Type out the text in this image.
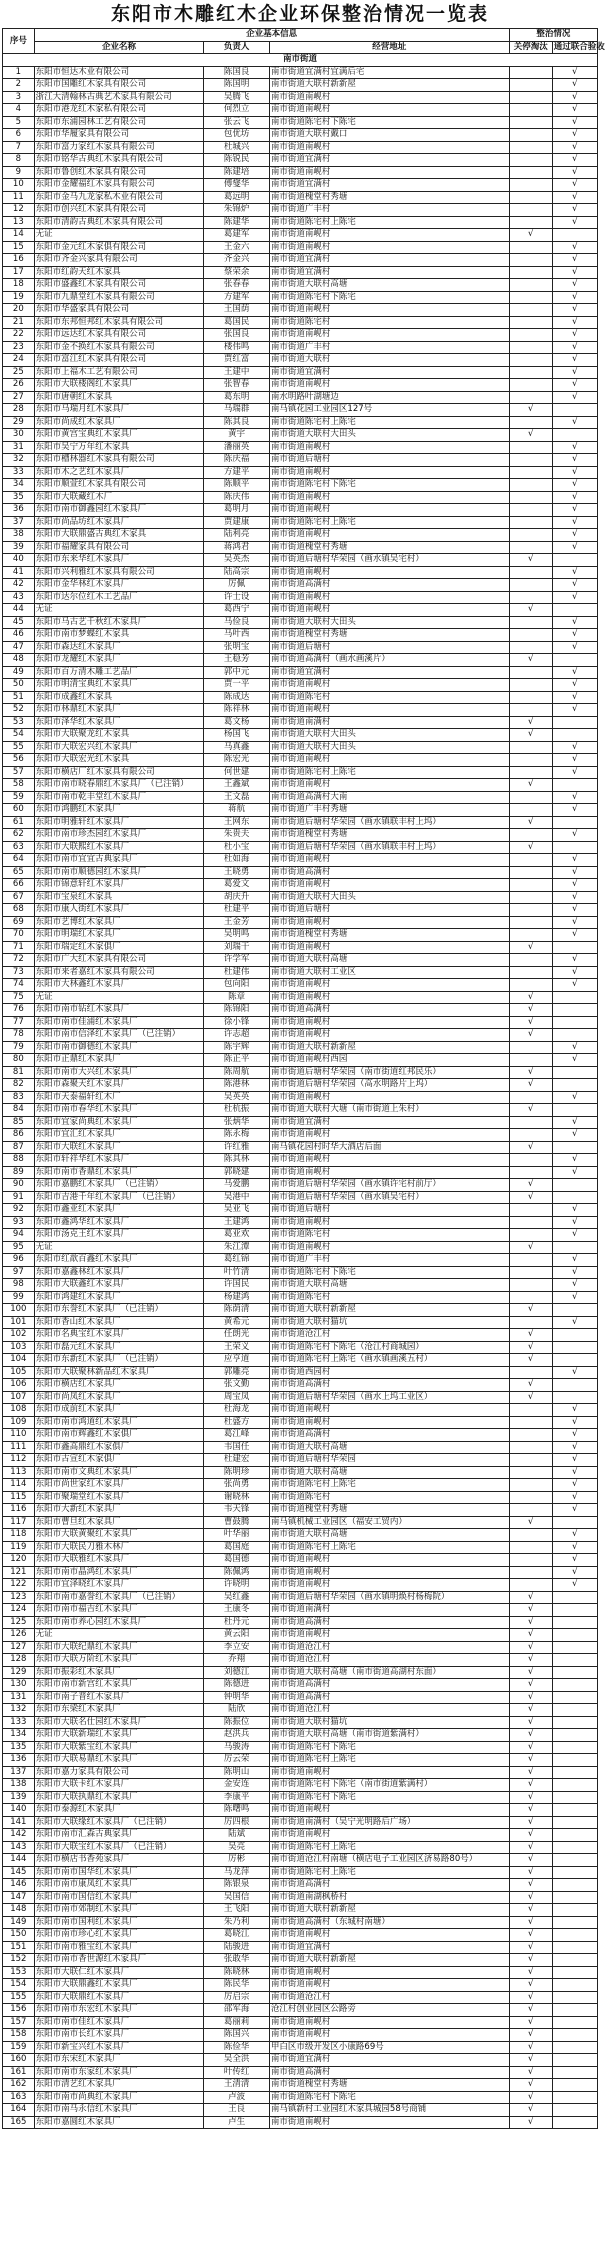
东阳市木雕红木企业环保整治情况一览表
序号	企业基本信息			整治情况	
	企业名称	负责人	经营地址	关停淘汰	通过联合验收
南市街道					
1	东阳市恒达木业有限公司	陈国良	南市街道宜满村宜满后宅		√
2	东阳市国雕红木家具有限公司	陈国明	南市街道大联村新新屋		√
3	浙江大清翰林古典艺术家具有限公司	吴腾飞	南市街道南岘村		√
4	东阳市港龙红木家私有限公司	何烈立	南市街道南岘村		√
5	东阳市东浦园林工艺有限公司	张云飞	南市街道陈宅村下陈宅		√
6	东阳市华履家具有限公司	包优坊	南市街道大联村戴口		√
7	东阳市富力家红木家具有限公司	杜城兴	南市街道南岘村		√
8	东阳市铭华古典红木家具有限公司	陈锐民	南市街道宜满村		√
9	东阳市鲁创红木家具有限公司	陈建培	南市街道南岘村		√
10	东阳市金耀福红木家具有限公司	傅燮华	南市街道宜满村		√
11	东阳市金马九龙家私木业有限公司	葛远明	南市街道槐堂村秀塘		√
12	东阳市创兴红木家具有限公司	朱锦炉	南市街道广丰村		√
13	东阳市清韵古典红木家具有限公司	陈建华	南市街道陈宅村上陈宅		√
14	无证	葛建军	南市街道南岘村	√	
15	东阳市金元红木家俱有限公司	王金六	南市街道南岘村		√
16	东阳市齐金兴家具有限公司	齐金兴	南市街道宜满村		√
17	东阳市红韵天红木家具	蔡荣余	南市街道宜满村		√
18	东阳市盛鑫红木家具有限公司	张春春	南市街道大联村高塘		√
19	东阳市九鼎堂红木家具有限公司	方建军	南市街道陈宅村下陈宅		√
20	东阳市华盛家具有限公司	王国荫	南市街道南岘村		√
21	东阳市东邦恒邦红木家具有限公司	葛国民	南市街道陈宅村		√
22	东阳市远达红木家具有限公司	张国良	南市街道南岘村		√
23	东阳市金不换红木家具有限公司	楼伟鸣	南市街道广丰村		√
24	东阳市富江红木家具有限公司	贾红富	南市街道大联村		√
25	东阳市上福木工艺有限公司	王建中	南市街道宜满村		√
26	东阳市大联楼阁红木家具厂	张智春	南市街道南岘村		√
27	东阳市唐朝红木家具	葛东明	南水明路叶湖塘边		√
28	东阳市马瑞月红木家具厂	马瑞群	南马镇花园工业园区127号	√	
29	东阳市尚成红木家具厂	陈其良	南市街道陈宅村上陈宅		√
30	东阳市黄宫宝典红木家具厂	黄宇	南市街道大联村大田头	√	
31	东阳市吴宁万年红木家具	潘丽英	南市街道南岘村		√
32	东阳市槽林器红木家具有限公司	陈庆福	南市街道后塘村		√
33	东阳市木之艺红木家具厂	方建平	南市街道南岘村		√
34	东阳市顺萱红木家具有限公司	陈顺平	南市街道陈宅村下陈宅		√
35	东阳市大联藏红木厂	陈庆伟	南市街道南岘村		√
36	东阳市南市御鑫园红木家具厂	葛明月	南市街道南岘村		√
37	东阳市尚品坊红木家具厂	贾建康	南市街道陈宅村上陈宅		√
38	东阳市大联鼎盛古典红木家具	陆利亮	南市街道南岘村		√
39	东阳市福耀家具有限公司	蒋鸿君	南市街道槐堂村秀塘		√
40	东阳市东来华红木家具厂	吴英杰	南市街道后塘村华荣园（画水镇吴宅村）	√	
41	东阳市兴利雅红木家具有限公司	陆高宗	南市街道南岘村		√
42	东阳市金华林红木家具厂	厉佩	南市街道高满村		√
43	东阳市达尔位红木工艺品厂	许士设	南市街道南岘村		√
44	无证	葛西宁	南市街道南岘村	√	
45	东阳市马古艺千秋红木家具厂	马俭良	南市街道大联村大田头		√
46	东阳市南市梦蝶红木家具	马叶西	南市街道槐堂村秀塘		√
47	东阳市森达红木家具厂	张明宝	南市街道后塘村		√
48	东阳市龙耀红木家具厂	王稳芳	南市街道高满村（画水画溪片）	√	
49	东阳市百万清木雕工艺品厂	郭中元	南市街道宜满村		√
50	东阳市明清宝典红木家具厂	贾一平	南市街道南岘村		√
51	东阳市成鑫红木家具	陈成达	南市街道陈宅村		√
52	东阳市林鼎红木家具厂	陈祥林	南市街道南岘村		√
53	东阳市泽华红木家具厂	葛文杨	南市街道南满村	√	
54	东阳市大联聚龙红木家具	杨国飞	南市街道大联村大田头	√	
55	东阳市大联宏兴红木家具厂	马真鑫	南市街道大联村大田头		√
56	东阳市大联宏光红木家具	陈宏光	南市街道南岘村		√
57	东阳市横店厂红木家具有限公司	何世建	南市街道陈宅村上陈宅		√
58	东阳市南市晓春鼎红木家具厂（已注销）	王鑫斌	南市街道南岘村	√	
59	东阳市南市乾丰堂红木家具厂	王文磊	南市街道高满村大南		√
60	东阳市鸿鹏红木家具厂	蒋航	南市街道广丰村秀塘		√
61	东阳市明雅轩红木家具厂	王网东	南市街道后塘村华荣园（画水镇联丰村上坞）	√	
62	东阳市南市珍杰园红木家具厂	朱贵夫	南市街道槐堂村秀塘		√
63	东阳市大联熙红木家具厂	杜小宝	南市街道后塘村华荣园（画水镇联丰村上坞）	√	
64	东阳市南市宜宜古典家具厂	杜如海	南市街道南岘村		√
65	东阳市南市顺德园红木家具厂	王晓勇	南市街道高满村		√
66	东阳市锦意轩红木家具厂	葛爱文	南市街道南岘村		√
67	东阳市宝泉红木家具	胡庆升	南市街道大联村大田头		√
68	东阳市康人街红木家具厂	杜建平	南市街道后塘村		√
69	东阳市艺博红木家具厂	王金芳	南市街道南岘村		√
70	东阳市明瑞红木家具厂	吴明鸣	南市街道槐堂村秀塘		√
71	东阳市瑞定红木家俱厂	刘瑞干	南市街道南岘村	√	
72	东阳市广大红木家具有限公司	许学军	南市街道大联村高塘		√
73	东阳市来者嘉红木家具有限公司	杜建伟	南市街道大联村工业区		√
74	东阳市大林鑫红木家具厂	包向阳	南市街道南岘村		√
75	无证	陈章	南市街道南岘村	√	
76	东阳市南市钻红木家具厂	陈锦阳	南市街道高满村	√	
77	东阳市南市佳浦红木家具厂	徐小锋	南市街道南岘村	√	
78	东阳市南市信泽红木家具厂（已注销）	许志超	南市街道南岘村	√	
79	东阳市南市御德红木家具厂	陈宇辉	南市街道大联村新新屋		√
80	东阳市正鼎红木家具厂	陈正平	南市街道南岘村西园		√
81	东阳市南市大兴红木家具厂	陈周航	南市街道后塘村华荣园（南市街道红邦民乐）	√	
82	东阳市森聚天红木家具厂	陈港林	南市街道后塘村华荣园（高水明路片上坞）	√	
83	东阳市天泰福轩红木厂	吴英英	南市街道南岘村		√
84	东阳市南市春华红木家具厂	杜杭振	南市街道大联村大塘（南市街道上朱村）	√	
85	东阳市宜家尚典红木家具厂	张炳华	南市街道宜满村		√
86	东阳市宜汇红木家具厂	陈永梅	南市街道南岘村		√
87	东阳市大联红木家具厂	许红雅	南马镇花园村时华大酒店后面	√	
88	东阳市轩祥华红木家具厂	陈其林	南市街道南岘村		√
89	东阳市南市香鼎红木家具厂	郭晓建	南市街道南岘村		√
90	东阳市嘉鹏红木家具厂（已注销）	马爱鹏	南市街道后塘村华荣园（画水镇许宅村前厅）	√	
91	东阳市吉港千年红木家具厂（已注销）	吴港中	南市街道后塘村华荣园（画水镇吴宅村）	√	
92	东阳市鑫亚红木家具厂	吴亚飞	南市街道后塘村		√
93	东阳市鑫鸿华红木家具厂	王建鸿	南市街道南岘村		√
94	东阳市汤克王红木家具厂	葛亚欢	南市街道陈宅村		√
95	无证	朱江潭	南市街道南岘村	√	
96	东阳市红歆百鑫红木家具厂	葛红锦	南市街道广丰村		√
97	东阳市嘉鑫林红木家具厂	叶竹清	南市街道陈宅村下陈宅		√
98	东阳市大联鑫红木家具厂	许国民	南市街道大联村高塘		√
99	东阳市鸿建红木家具厂	杨建鸿	南市街道陈宅村		√
100	东阳市东誉红木家具厂（已注销）	陈荫清	南市街道大联村新新屋	√	
101	东阳市香山红木家具厂	黄希元	南市街道大联村猫坑		√
102	东阳市名典宝红木家具厂	任朗光	南市街道沧江村	√	
103	东阳市磊元红木家具厂	王荣义	南市街道陈宅村下陈宅（沧江村商城园）	√	
104	东阳市东新红木家具厂（已注销）	应亨道	南市街道陈宅村上陈宅（画水镇画溪五村）	√	
105	东阳市大联聚林新品红木家具厂	郭雕亮	南市街道西园村		√
106	东阳市横店红木家具厂	张文勤	南市街道高满村	√	
107	东阳市尚凤红木家具厂	周宝凤	南市街道后塘村华荣园（画水上坞工业区）	√	
108	东阳市成前红木家具厂	杜海龙	南市街道南岘村		√
109	东阳市南市鸿道红木家具厂	杜盛方	南市街道南岘村		√
110	东阳市南市辉鑫红木家俱厂	葛江峰	南市街道高满村		√
111	东阳市鑫高鼎红木家俱厂	韦国任	南市街道大联村高塘		√
112	东阳市古宣红木家俱厂	杜建宏	南市街道后塘村华荣园		√
113	东阳市南市文典红木家具厂	陈明珍	南市街道大联村高塘		√
114	东阳市尚世家红木家具厂	张尚勇	南市街道陈宅村上陈宅		√
115	东阳市聚瑞堂红木家具厂	谢晓林	南市街道陈宅村		√
116	东阳市大新红木家具厂	韦天锋	南市街道槐堂村秀塘		√
117	东阳市曹旦红木家具厂	曹鼓腾	南马镇机械工业园区（福安工贸内）	√	
118	东阳市大联黄聚红木家具厂	叶华丽	南市街道大联村高塘		√
119	东阳市大联民刀雅木林厂	葛国庭	南市街道陈宅村上陈宅		√
120	东阳市大联雅红木家具厂	葛国德	南市街道南岘村		√
121	东阳市南市晶鸿红木家具厂	陈佩鸿	南市街道南岘村		√
122	东阳市宜泽晓红木家具厂	许晓明	南市街道南岘村		√
123	东阳市南市嘉誉红木家具厂（已注销）	吴红鑫	南市街道后塘村华荣园（画水镇明焕村杨梅院）	√	
124	东阳市南市福吉红木家具厂	王康冬	南市街道南满村	√	
125	东阳市南市养心园红木家具厂	杜丹元	南市街道高满村	√	
126	无证	黄云阳	南市街道南岘村	√	
127	东阳市大联纪鼎红木家具厂	李立安	南市街道沧江村	√	
128	东阳市大联万阶红木家具厂	乔翔	南市街道沧江村	√	
129	东阳市振彩红木家具厂	刘德江	南市街道大联村高塘（南市街道高湖村东面）	√	
130	东阳市南市新宫红木家具厂	陈德进	南市街道高满村	√	
131	东阳市南子晋红木家具厂	钟明华	南市街道高满村	√	
132	东阳市东梁红木家具厂	陆欣	南市街道沧江村	√	
133	东阳市大联名仕园红木家具厂	陈振位	南市街道大联村猫坑	√	
134	东阳市大联新瑞红木家具厂	赵洪兵	南市街道大联村高塘（南市街道紫满村）	√	
135	东阳市大联紫宝红木家具厂	马骏涛	南市街道陈宅村下陈宅	√	
136	东阳市大联易鼎红木家具厂	厉云荣	南市街道陈宅村上陈宅	√	
137	东阳市嘉力家具有限公司	陈明山	南市街道南岘村	√	
138	东阳市大联卡红木家具厂	金安连	南市街道陈宅村下陈宅（南市街道紫满村）	√	
139	东阳市大联执鼎红木家具厂	李康平	南市街道陈宅村下陈宅	√	
140	东阳市泰源红木家具厂	陈曙鸣	南市街道南岘村	√	
141	东阳市大联缘红木家具厂（已注销）	厉四根	南市街道南满村（吴宁光明路后广场）	√	
142	东阳市南市汇森古典家具厂	陆斌	南市街道南岘村	√	
143	东阳市大联宝红木家具厂（已注销）	吴亮	南市街道陈宅村上陈宅	√	
144	东阳市横店书香苑家具厂	厉彬	南市街道沧江村南塘（横店电子工业园区济易路80号）	√	
145	东阳市南市国华红木家具厂	马龙萍	南市街道陈宅村上陈宅	√	
146	东阳市南市康凤红木家具厂	陈银泉	南市街道高满村	√	
147	东阳市南市国信红木家具厂	吴国信	南市街道南湖枫桥村	√	
148	东阳市南市郊制红木家具厂	王飞阳	南市街道大联村新新屋	√	
149	东阳市南市国利红木家具厂	朱乃利	南市街道高满村（东城村南塘）	√	
150	东阳市南市珍心红木家具厂	葛晓江	南市街道南岘村	√	
151	东阳市南市雅宝红木家具厂	陆骏进	南市街道宜满村	√	
152	东阳市南市香世源红木家具厂	张敢华	南市街道大联村新新屋	√	
153	东阳市大联仁红木家具厂	陈晓林	南市街道南岘村	√	
154	东阳市大联鼎鑫红木家具厂	陈民华	南市街道南岘村	√	
155	东阳市大联鼎红木家具厂	厉启宗	南市街道沧江村	√	
156	东阳市南市东宏红木家具厂	邵军海	沧江村创业园区公路旁	√	
157	东阳市南市佳红木家具厂	葛丽莉	南市街道南岘村	√	
158	东阳市南市长红木家具厂	陈国兴	南市街道南岘村	√	
159	东阳市新宝兴红木家具厂	陈俭华	甲白区市级开发区小康路69号	√	
160	东阳市东宋红木家具厂	吴全洪	南市街道宜满村	√	
161	东阳市南市东家红木家具厂	叶传红	南市街道高满村	√	
162	东阳市清艺红木家具厂	王清清	南市街道槐堂村秀塘	√	
163	东阳市南市尚典红木家具厂	卢波	南市街道陈宅村下陈宅	√	
164	东阳市南马永信红木家具厂	王良	南马镇新村工业园红木家具城园58号商铺	√	
165	东阳市嘉圆红木家具厂	卢生	南市街道南岘村	√	
